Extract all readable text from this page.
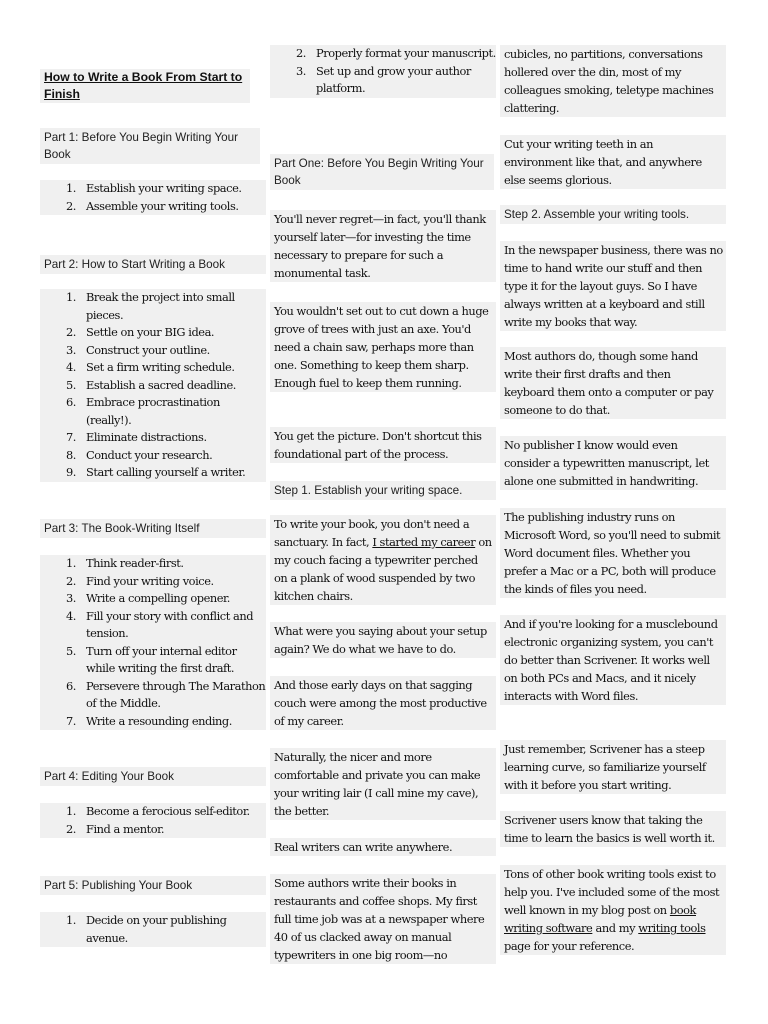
How to Write a Book From Start to Finish
Part 1: Before You Begin Writing Your Book
1. Establish your writing space.
2. Assemble your writing tools.
Part 2: How to Start Writing a Book
1. Break the project into small pieces.
2. Settle on your BIG idea.
3. Construct your outline.
4. Set a firm writing schedule.
5. Establish a sacred deadline.
6. Embrace procrastination (really!).
7. Eliminate distractions.
8. Conduct your research.
9. Start calling yourself a writer.
Part 3: The Book-Writing Itself
1. Think reader-first.
2. Find your writing voice.
3. Write a compelling opener.
4. Fill your story with conflict and tension.
5. Turn off your internal editor while writing the first draft.
6. Persevere through The Marathon of the Middle.
7. Write a resounding ending.
Part 4: Editing Your Book
1. Become a ferocious self-editor.
2. Find a mentor.
Part 5: Publishing Your Book
1. Decide on your publishing avenue.
2. Properly format your manuscript.
3. Set up and grow your author platform.
Part One: Before You Begin Writing Your Book

You'll never regret—in fact, you'll thank yourself later—for investing the time necessary to prepare for such a monumental task.

You wouldn't set out to cut down a huge grove of trees with just an axe. You'd need a chain saw, perhaps more than one. Something to keep them sharp. Enough fuel to keep them running.

You get the picture. Don't shortcut this foundational part of the process.

Step 1. Establish your writing space.

To write your book, you don't need a sanctuary. In fact, I started my career on my couch facing a typewriter perched on a plank of wood suspended by two kitchen chairs.

What were you saying about your setup again? We do what we have to do.

And those early days on that sagging couch were among the most productive of my career.

Naturally, the nicer and more comfortable and private you can make your writing lair (I call mine my cave), the better.

Real writers can write anywhere.

Some authors write their books in restaurants and coffee shops. My first full time job was at a newspaper where 40 of us clacked away on manual typewriters in one big room—no

cubicles, no partitions, conversations hollered over the din, most of my colleagues smoking, teletype machines clattering.

Cut your writing teeth in an environment like that, and anywhere else seems glorious.

Step 2. Assemble your writing tools.

In the newspaper business, there was no time to hand write our stuff and then type it for the layout guys. So I have always written at a keyboard and still write my books that way.

Most authors do, though some hand write their first drafts and then keyboard them onto a computer or pay someone to do that.

No publisher I know would even consider a typewritten manuscript, let alone one submitted in handwriting.

The publishing industry runs on Microsoft Word, so you'll need to submit Word document files. Whether you prefer a Mac or a PC, both will produce the kinds of files you need.

And if you're looking for a musclebound electronic organizing system, you can't do better than Scrivener. It works well on both PCs and Macs, and it nicely interacts with Word files.

Just remember, Scrivener has a steep learning curve, so familiarize yourself with it before you start writing.

Scrivener users know that taking the time to learn the basics is well worth it.

Tons of other book writing tools exist to help you. I've included some of the most well known in my blog post on book writing software and my writing tools page for your reference.
